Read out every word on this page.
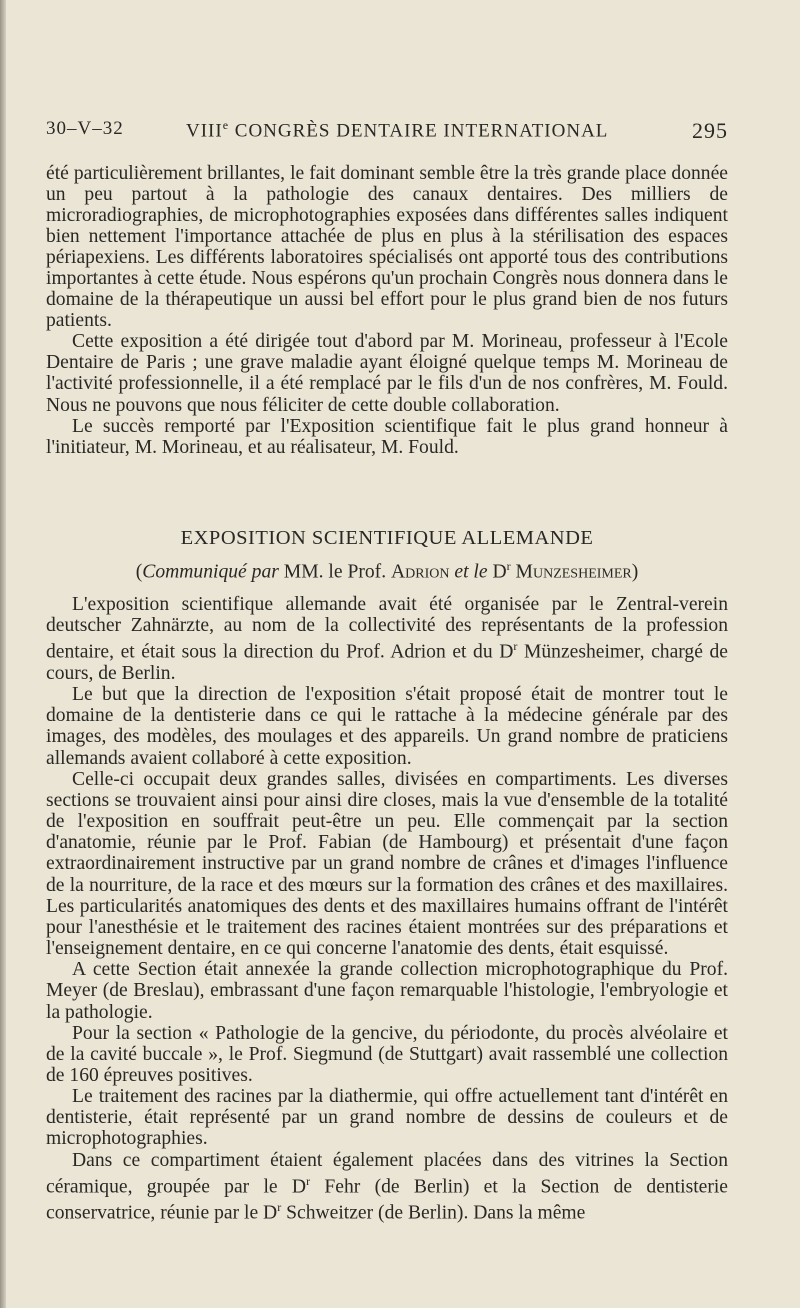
30–V–32	VIIIe CONGRÈS DENTAIRE INTERNATIONAL	295

été particulièrement brillantes, le fait dominant semble être la très grande place donnée un peu partout à la pathologie des canaux dentaires. Des milliers de microradiographies, de microphotographies exposées dans différentes salles indiquent bien nettement l'importance attachée de plus en plus à la stérilisation des espaces périapexiens. Les différents laboratoires spécialisés ont apporté tous des contributions importantes à cette étude. Nous espérons qu'un prochain Congrès nous donnera dans le domaine de la thérapeutique un aussi bel effort pour le plus grand bien de nos futurs patients.

Cette exposition a été dirigée tout d'abord par M. Morineau, professeur à l'Ecole Dentaire de Paris ; une grave maladie ayant éloigné quelque temps M. Morineau de l'activité professionnelle, il a été remplacé par le fils d'un de nos confrères, M. Fould. Nous ne pouvons que nous féliciter de cette double collaboration.

Le succès remporté par l'Exposition scientifique fait le plus grand honneur à l'initiateur, M. Morineau, et au réalisateur, M. Fould.

EXPOSITION SCIENTIFIQUE ALLEMANDE
(Communiqué par MM. le Prof. Adrion et le $D^r$ Munzesheimer)

L'exposition scientifique allemande avait été organisée par le Zentral-verein deutscher Zahnärzte, au nom de la collectivité des représentants de la profession dentaire, et était sous la direction du Prof. Adrion et du $D^r$ Münzesheimer, chargé de cours, de Berlin.

Le but que la direction de l'exposition s'était proposé était de montrer tout le domaine de la dentisterie dans ce qui le rattache à la médecine générale par des images, des modèles, des moulages et des appareils. Un grand nombre de praticiens allemands avaient collaboré à cette exposition.

Celle-ci occupait deux grandes salles, divisées en compartiments. Les diverses sections se trouvaient ainsi pour ainsi dire closes, mais la vue d'ensemble de la totalité de l'exposition en souffrait peut-être un peu. Elle commençait par la section d'anatomie, réunie par le Prof. Fabian (de Hambourg) et présentait d'une façon extraordinairement instructive par un grand nombre de crânes et d'images l'influence de la nourriture, de la race et des mœurs sur la formation des crânes et des maxillaires. Les particularités anatomiques des dents et des maxillaires humains offrant de l'intérêt pour l'anesthésie et le traitement des racines étaient montrées sur des préparations et l'enseignement dentaire, en ce qui concerne l'anatomie des dents, était esquissé.

A cette Section était annexée la grande collection microphotographique du Prof. Meyer (de Breslau), embrassant d'une façon remarquable l'histologie, l'embryologie et la pathologie.

Pour la section « Pathologie de la gencive, du périodonte, du procès alvéolaire et de la cavité buccale », le Prof. Siegmund (de Stuttgart) avait rassemblé une collection de 160 épreuves positives.

Le traitement des racines par la diathermie, qui offre actuellement tant d'intérêt en dentisterie, était représenté par un grand nombre de dessins de couleurs et de microphotographies.

Dans ce compartiment étaient également placées dans des vitrines la Section céramique, groupée par le $D^r$ Fehr (de Berlin) et la Section de dentisterie conservatrice, réunie par le $D^r$ Schweitzer (de Berlin). Dans la même
